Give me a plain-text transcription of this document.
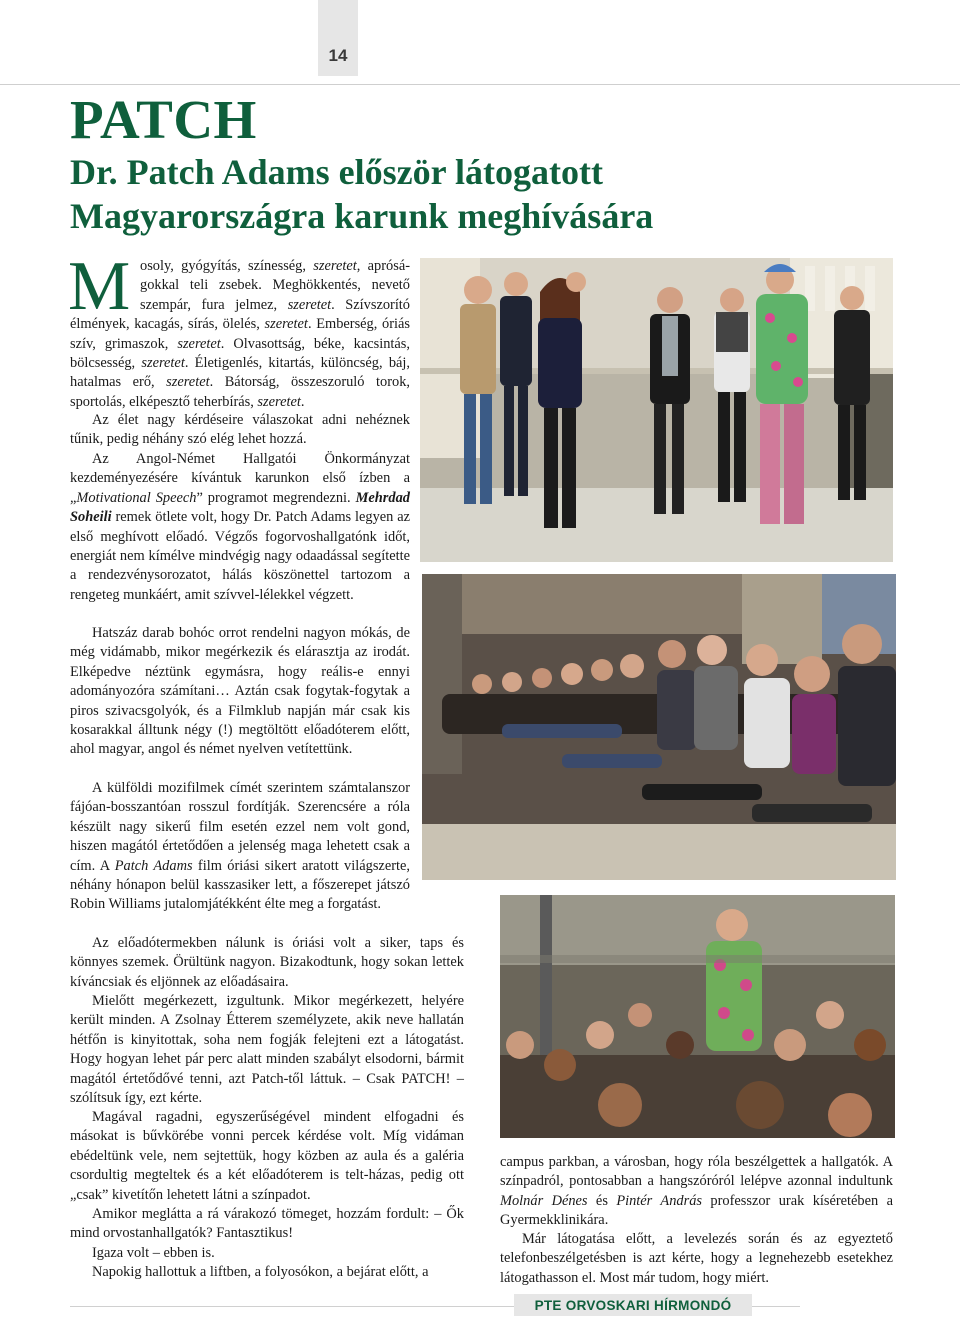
14
PATCH
Dr. Patch Adams először látogatott Magyarországra karunk meghívására
M osoly, gyógyítás, színesség, szeretet, aprósá-gokkal teli zsebek. Meghökkentés, nevető szempár, fura jelmez, szeretet. Szívszorító élmények, kacagás, sírás, ölelés, szeretet. Emberség, óriás szív, grimaszok, szeretet. Olvasottság, béke, kacsintás, bölcsesség, szeretet. Életigenlés, kitartás, különcség, báj, hatalmas erő, szeretet. Bátorság, összeszoruló torok, sportolás, elképesztő teherbírás, szeretet.

Az élet nagy kérdéseire válaszokat adni nehéznek tűnik, pedig néhány szó elég lehet hozzá.

Az Angol-Német Hallgatói Önkormányzat kezdeményezésére kívántuk karunkon első ízben a „Motivational Speech” programot megrendezni. Mehrdad Soheili remek ötlete volt, hogy Dr. Patch Adams legyen az első meghívott előadó. Végzős fogorvoshallgatónk időt, energiát nem kímélve mindvégig nagy odaadással segítette a rendezvénysorozatot, hálás köszönettel tartozom a rengeteg munkáért, amit szívvel-lélekkel végzett.

Hatszáz darab bohóc orrot rendelni nagyon mókás, de még vidámabb, mikor megérkezik és elárasztja az irodát. Elképedve néztünk egymásra, hogy reális-e ennyi adományozóra számítani… Aztán csak fogytak-fogytak a piros szivacsgolyók, és a Filmklub napján már csak kis kosarakkal álltunk négy (!) megtöltött előadóterem előtt, ahol magyar, angol és német nyelven vetítettünk.

A külföldi mozifilmek címét szerintem számtalanszor fájóan-bosszantóan rosszul fordítják. Szerencsére a róla készült nagy sikerű film esetén ezzel nem volt gond, hiszen magától értetődően a jelenség maga lehetett csak a cím. A Patch Adams film óriási sikert aratott világszerte, néhány hónapon belül kasszasiker lett, a főszerepet játszó Robin Williams jutalomjátékként élte meg a forgatást.

Az előadótermekben nálunk is óriási volt a siker, taps és könnyes szemek. Örültünk nagyon. Bizakodtunk, hogy sokan lettek kíváncsiak és eljönnek az előadásaira.

Mielőtt megérkezett, izgultunk. Mikor megérkezett, helyére került minden. A Zsolnay Étterem személyzete, akik neve hallatán hétfőn is kinyitottak, soha nem fogják felejteni ezt a látogatást. Hogy hogyan lehet pár perc alatt minden szabályt elsodorni, bármit magától értetődővé tenni, azt Patch-től láttuk. – Csak PATCH! – szólítsuk így, ezt kérte.

Magával ragadni, egyszerűségével mindent elfogadni és másokat is bűvkörébe vonni percek kérdése volt. Míg vidáman ebédeltünk vele, nem sejtettük, hogy közben az aula és a galéria csordultig megteltek és a két előadóterem is telt-házas, pedig ott „csak” kivetítőn lehetett látni a színpadot.

Amikor meglátta a rá várakozó tömeget, hozzám fordult: – Ők mind orvostanhallgatók? Fantasztikus!

Igaza volt – ebben is.

Napokig hallottuk a liftben, a folyosókon, a bejárat előtt, a

campus parkban, a városban, hogy róla beszélgettek a hallgatók. A színpadról, pontosabban a hangszóróról lelépve azonnal indultunk Molnár Dénes és Pintér András professzor urak kíséretében a Gyermekklinikára.

Már látogatása előtt, a levelezés során és az egyeztető telefonbeszélgetésben is azt kérte, hogy a legnehezebb esetekhez látogathasson el. Most már tudom, hogy miért.

PTE ORVOSKARI HÍRMONDÓ
